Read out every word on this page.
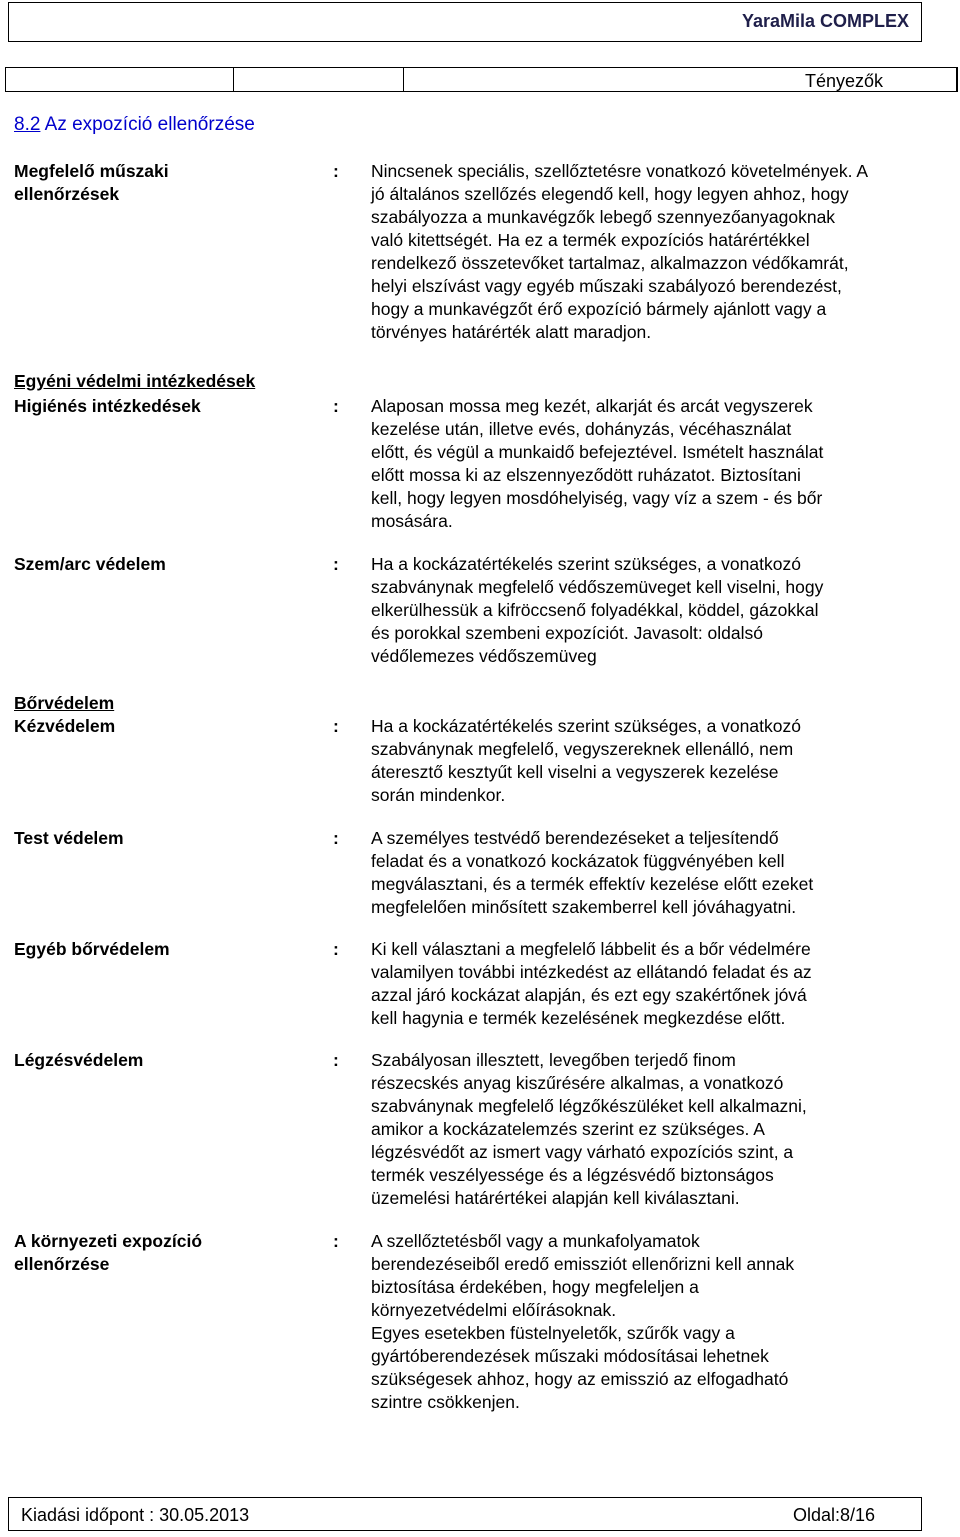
YaraMila COMPLEX
Tényezők
8.2 Az expozíció ellenőrzése
Megfelelő műszaki
ellenőrzések
: Nincsenek speciális, szellőztetésre vonatkozó követelmények. A
jó általános szellőzés elegendő kell, hogy legyen ahhoz, hogy
szabályozza a munkavégzők lebegő szennyezőanyagoknak
való kitettségét. Ha ez a termék expozíciós határértékkel
rendelkező összetevőket tartalmaz, alkalmazzon védőkamrát,
helyi elszívást vagy egyéb műszaki szabályozó berendezést,
hogy a munkavégzőt érő expozíció bármely ajánlott vagy a
törvényes határérték alatt maradjon.
Egyéni védelmi intézkedések
Higiénés intézkedések	: Alaposan mossa meg kezét, alkarját és arcát vegyszerek
kezelése után, illetve evés, dohányzás, vécéhasználat
előtt, és végül a munkaidő befejeztével. Ismételt használat
előtt mossa ki az elszennyeződött ruházatot. Biztosítani
kell, hogy legyen mosdóhelyiség, vagy víz a szem - és bőr
mosására.
Szem/arc védelem	: Ha a kockázatértékelés szerint szükséges, a vonatkozó
szabványnak megfelelő védőszemüveget kell viselni, hogy
elkerülhessük a kifröccsenő folyadékkal, köddel, gázokkal
és porokkal szembeni expozíciót. Javasolt: oldalsó
védőlemezes védőszemüveg
Bőrvédelem
Kézvédelem	: Ha a kockázatértékelés szerint szükséges, a vonatkozó
szabványnak megfelelő, vegyszereknek ellenálló, nem
áteresztő kesztyűt kell viselni a vegyszerek kezelése
során mindenkor.
Test védelem	: A személyes testvédő berendezéseket a teljesítendő
feladat és a vonatkozó kockázatok függvényében kell
megválasztani, és a termék effektív kezelése előtt ezeket
megfelelően minősített szakemberrel kell jóváhagyatni.
Egyéb bőrvédelem	: Ki kell választani a megfelelő lábbelit és a bőr védelmére
valamilyen további intézkedést az ellátandó feladat és az
azzal járó kockázat alapján, és ezt egy szakértőnek jóvá
kell hagynia e termék kezelésének megkezdése előtt.
Légzésvédelem	: Szabályosan illesztett, levegőben terjedő finom
részecskés anyag kiszűrésére alkalmas, a vonatkozó
szabványnak megfelelő légzőkészüléket kell alkalmazni,
amikor a kockázatelemzés szerint ez szükséges. A
légzésvédőt az ismert vagy várható expozíciós szint, a
termék veszélyessége és a légzésvédő biztonságos
üzemelési határértékei alapján kell kiválasztani.
A környezeti expozíció
ellenőrzése
: A szellőztetésből vagy a munkafolyamatok
berendezéseiből eredő emissziót ellenőrizni kell annak
biztosítása érdekében, hogy megfeleljen a
környezetvédelmi előírásoknak.
Egyes esetekben füstelnyeletők, szűrők vagy a
gyártóberendezések műszaki módosításai lehetnek
szükségesek ahhoz, hogy az emisszió az elfogadható
szintre csökkenjen.
Kiadási időpont : 30.05.2013	Oldal:8/16
